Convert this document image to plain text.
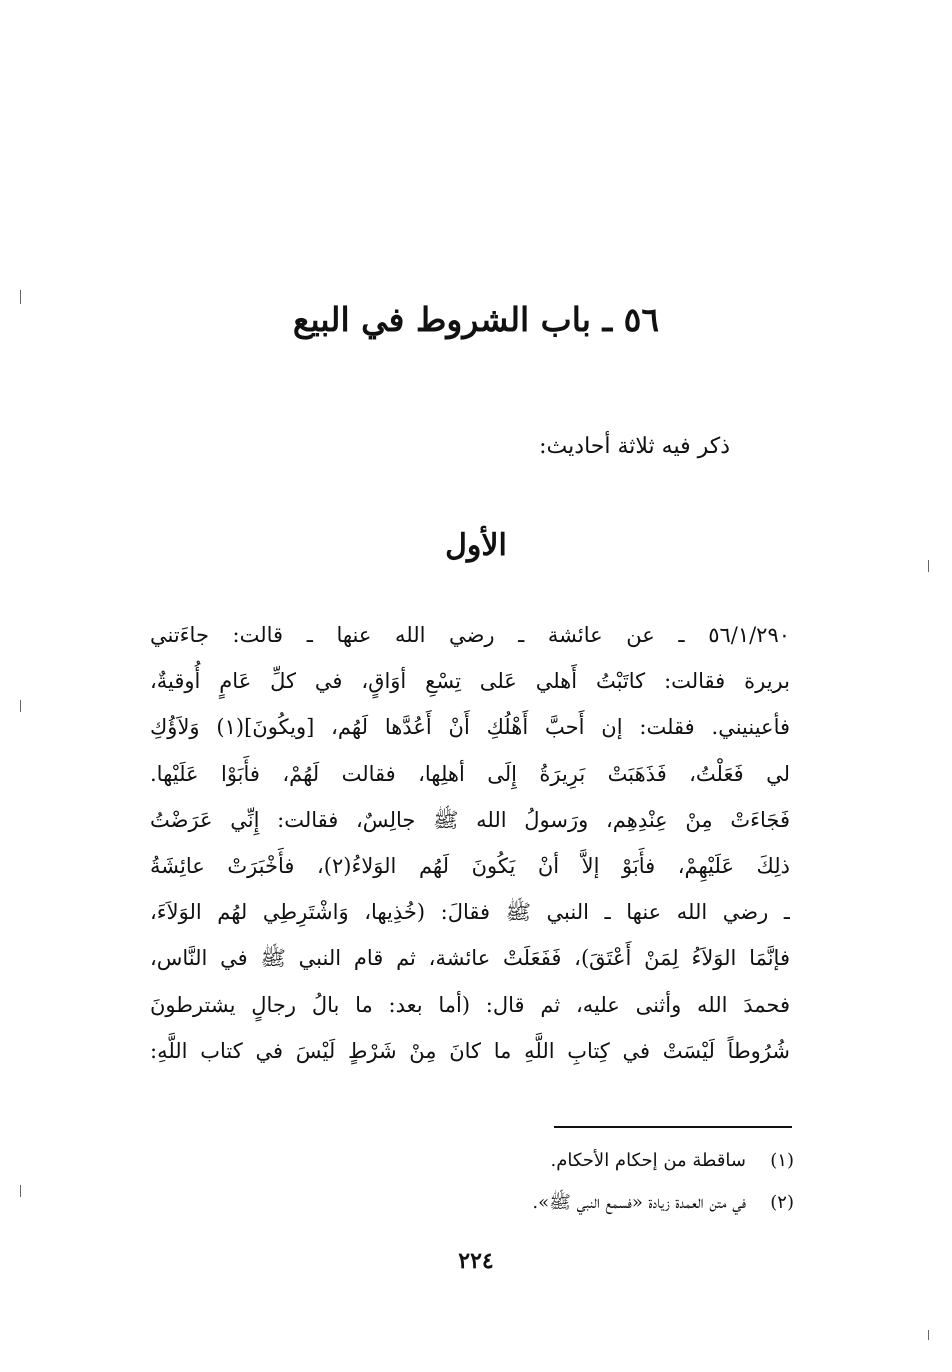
٥٦ ـ باب الشروط في البيع
ذكر فيه ثلاثة أحاديث:
الأول
٥٦/١/٢٩٠ ـ عن عائشة ـ رضي الله عنها ـ قالت: جاءَتني
بريرة فقالت: كاتَبْتُ أَهلي عَلى تِسْعِ أوَاقٍ، في كلِّ عَامٍ أُوقيةٌ،
فأعينيني. فقلت: إن أَحبَّ أَهْلُكِ أَنْ أَعُدَّها لَهُم، [ويكُونَ](١) وَلاَؤُكِ
لي فَعَلْتُ، فَذَهَبَتْ بَرِيرَةُ إِلَى أهلِها، فقالت لَهُمْ، فأَبَوْا عَلَيْها.
فَجَاءَتْ مِنْ عِنْدِهِم، ورَسولُ الله ﷺ جالِسٌ، فقالت: إِنِّي عَرَضْتُ
ذلِكَ عَلَيْهِمْ، فأَبَوْ إلاَّ أنْ يَكُونَ لَهُم الوَلاءُ(٢)، فأَخْبَرَتْ عائِشَةُ
ـ رضي الله عنها ـ النبي ﷺ فقالَ: (خُذِيها، وَاشْتَرِطِي لهُم الوَلاَءَ،
فإنَّمَا الوَلاَءُ لِمَنْ أَعْتَقَ)، فَفَعَلَتْ عائشة، ثم قام النبي ﷺ في النَّاس،
فحمدَ الله وأثنى عليه، ثم قال: (أما بعد: ما بالُ رجالٍ يشترطونَ
شُرُوطاً لَيْسَتْ في كِتابِ اللَّهِ ما كانَ مِنْ شَرْطٍ لَيْسَ في كتاب اللَّهِ:
(١)ساقطة من إحكام الأحكام.
(٢)في متن العمدة زيادة «فسمع النبي ﷺ».
٢٢٤
